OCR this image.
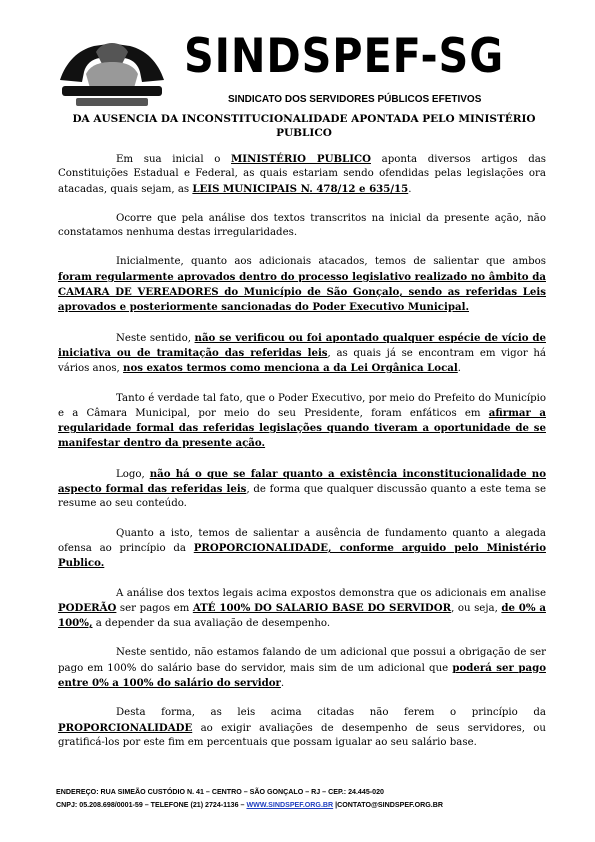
SINDSPEF-SG
SINDICATO DOS SERVIDORES PÚBLICOS EFETIVOS
DA AUSENCIA DA INCONSTITUCIONALIDADE APONTADA PELO MINISTÉRIO PUBLICO

Em sua inicial o MINISTÉRIO PUBLICO aponta diversos artigos das Constituições Estadual e Federal, as quais estariam sendo ofendidas pelas legislações ora atacadas, quais sejam, as LEIS MUNICIPAIS N. 478/12 e 635/15.

Ocorre que pela análise dos textos transcritos na inicial da presente ação, não constatamos nenhuma destas irregularidades.

Inicialmente, quanto aos adicionais atacados, temos de salientar que ambos foram regularmente aprovados dentro do processo legislativo realizado no âmbito da CAMARA DE VEREADORES do Município de São Gonçalo, sendo as referidas Leis aprovados e posteriormente sancionadas do Poder Executivo Municipal.

Neste sentido, não se verificou ou foi apontado qualquer espécie de vício de iniciativa ou de tramitação das referidas leis, as quais já se encontram em vigor há vários anos, nos exatos termos como menciona a da Lei Orgânica Local.

Tanto é verdade tal fato, que o Poder Executivo, por meio do Prefeito do Município e a Câmara Municipal, por meio do seu Presidente, foram enfáticos em afirmar a regularidade formal das referidas legislações quando tiveram a oportunidade de se manifestar dentro da presente ação.

Logo, não há o que se falar quanto a existência inconstitucionalidade no aspecto formal das referidas leis, de forma que qualquer discussão quanto a este tema se resume ao seu conteúdo.

Quanto a isto, temos de salientar a ausência de fundamento quanto a alegada ofensa ao princípio da PROPORCIONALIDADE, conforme arguido pelo Ministério Publico.

A análise dos textos legais acima expostos demonstra que os adicionais em analise PODERÃO ser pagos em ATÉ 100% DO SALARIO BASE DO SERVIDOR, ou seja, de 0% a 100%, a depender da sua avaliação de desempenho.

Neste sentido, não estamos falando de um adicional que possui a obrigação de ser pago em 100% do salário base do servidor, mais sim de um adicional que poderá ser pago entre 0% a 100% do salário do servidor.

Desta forma, as leis acima citadas não ferem o princípio da PROPORCIONALIDADE ao exigir avaliações de desempenho de seus servidores, ou gratificá-los por este fim em percentuais que possam igualar ao seu salário base.

ENDEREÇO: RUA SIMEÃO CUSTÓDIO N. 41 – CENTRO – SÃO GONÇALO – RJ – CEP.: 24.445-020
CNPJ: 05.208.698/0001-59 – TELEFONE (21) 2724-1136 – WWW.SINDSPEF.ORG.BR |CONTATO@SINDSPEF.ORG.BR
